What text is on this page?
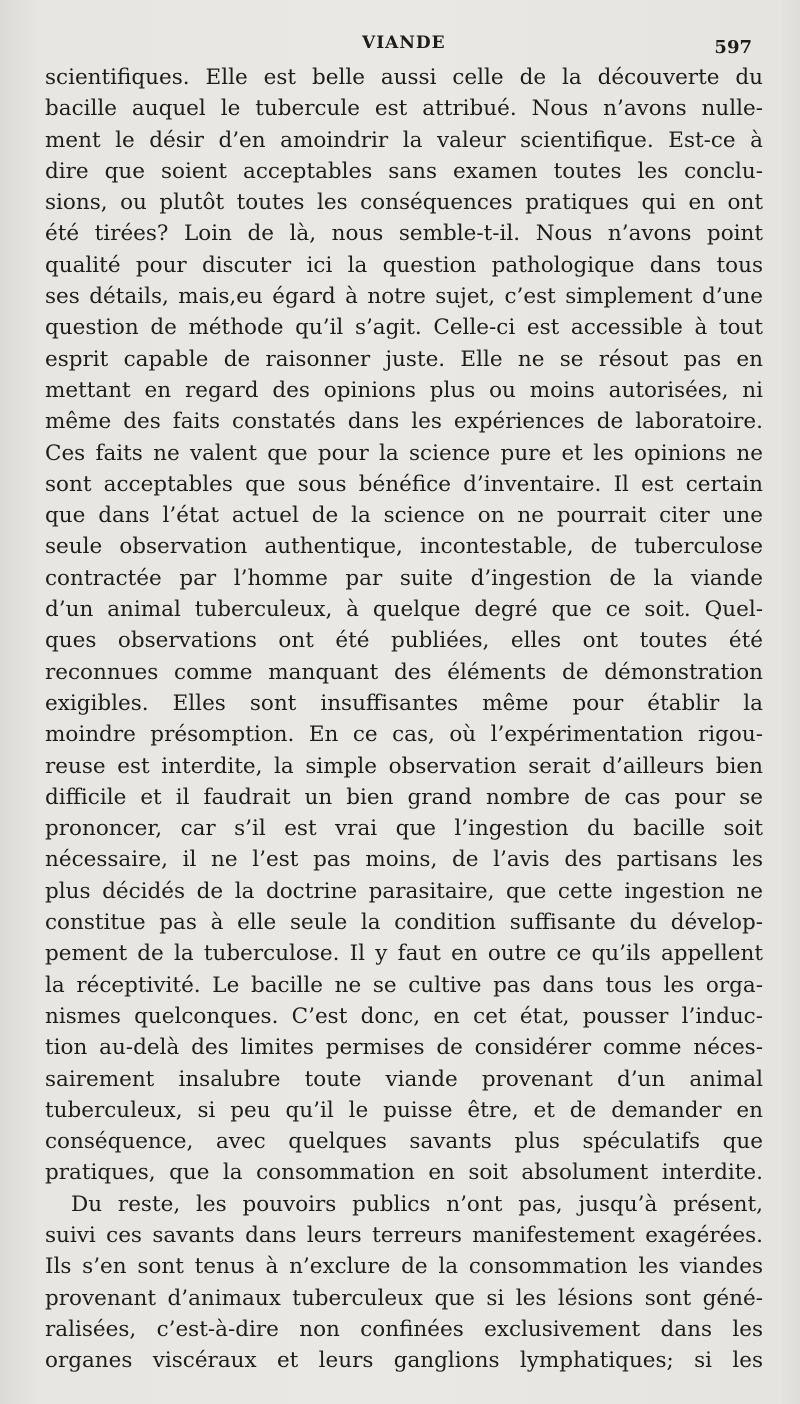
VIANDE	597
scientifiques. Elle est belle aussi celle de la découverte du
bacille auquel le tubercule est attribué. Nous n’avons nulle-
ment le désir d’en amoindrir la valeur scientifique. Est-ce à
dire que soient acceptables sans examen toutes les conclu-
sions, ou plutôt toutes les conséquences pratiques qui en ont
été tirées? Loin de là, nous semble-t-il. Nous n’avons point
qualité pour discuter ici la question pathologique dans tous
ses détails, mais,eu égard à notre sujet, c’est simplement d’une
question de méthode qu’il s’agit. Celle-ci est accessible à tout
esprit capable de raisonner juste. Elle ne se résout pas en
mettant en regard des opinions plus ou moins autorisées, ni
même des faits constatés dans les expériences de laboratoire.
Ces faits ne valent que pour la science pure et les opinions ne
sont acceptables que sous bénéfice d’inventaire. Il est certain
que dans l’état actuel de la science on ne pourrait citer une
seule observation authentique, incontestable, de tuberculose
contractée par l’homme par suite d’ingestion de la viande
d’un animal tuberculeux, à quelque degré que ce soit. Quel-
ques observations ont été publiées, elles ont toutes été
reconnues comme manquant des éléments de démonstration
exigibles. Elles sont insuffisantes même pour établir la
moindre présomption. En ce cas, où l’expérimentation rigou-
reuse est interdite, la simple observation serait d’ailleurs bien
difficile et il faudrait un bien grand nombre de cas pour se
prononcer, car s’il est vrai que l’ingestion du bacille soit
nécessaire, il ne l’est pas moins, de l’avis des partisans les
plus décidés de la doctrine parasitaire, que cette ingestion ne
constitue pas à elle seule la condition suffisante du dévelop-
pement de la tuberculose. Il y faut en outre ce qu’ils appellent
la réceptivité. Le bacille ne se cultive pas dans tous les orga-
nismes quelconques. C’est donc, en cet état, pousser l’induc-
tion au-delà des limites permises de considérer comme néces-
sairement insalubre toute viande provenant d’un animal
tuberculeux, si peu qu’il le puisse être, et de demander en
conséquence, avec quelques savants plus spéculatifs que
pratiques, que la consommation en soit absolument interdite.
Du reste, les pouvoirs publics n’ont pas, jusqu’à présent,
suivi ces savants dans leurs terreurs manifestement exagérées.
Ils s’en sont tenus à n’exclure de la consommation les viandes
provenant d’animaux tuberculeux que si les lésions sont géné-
ralisées, c’est-à-dire non confinées exclusivement dans les
organes viscéraux et leurs ganglions lymphatiques; si les
